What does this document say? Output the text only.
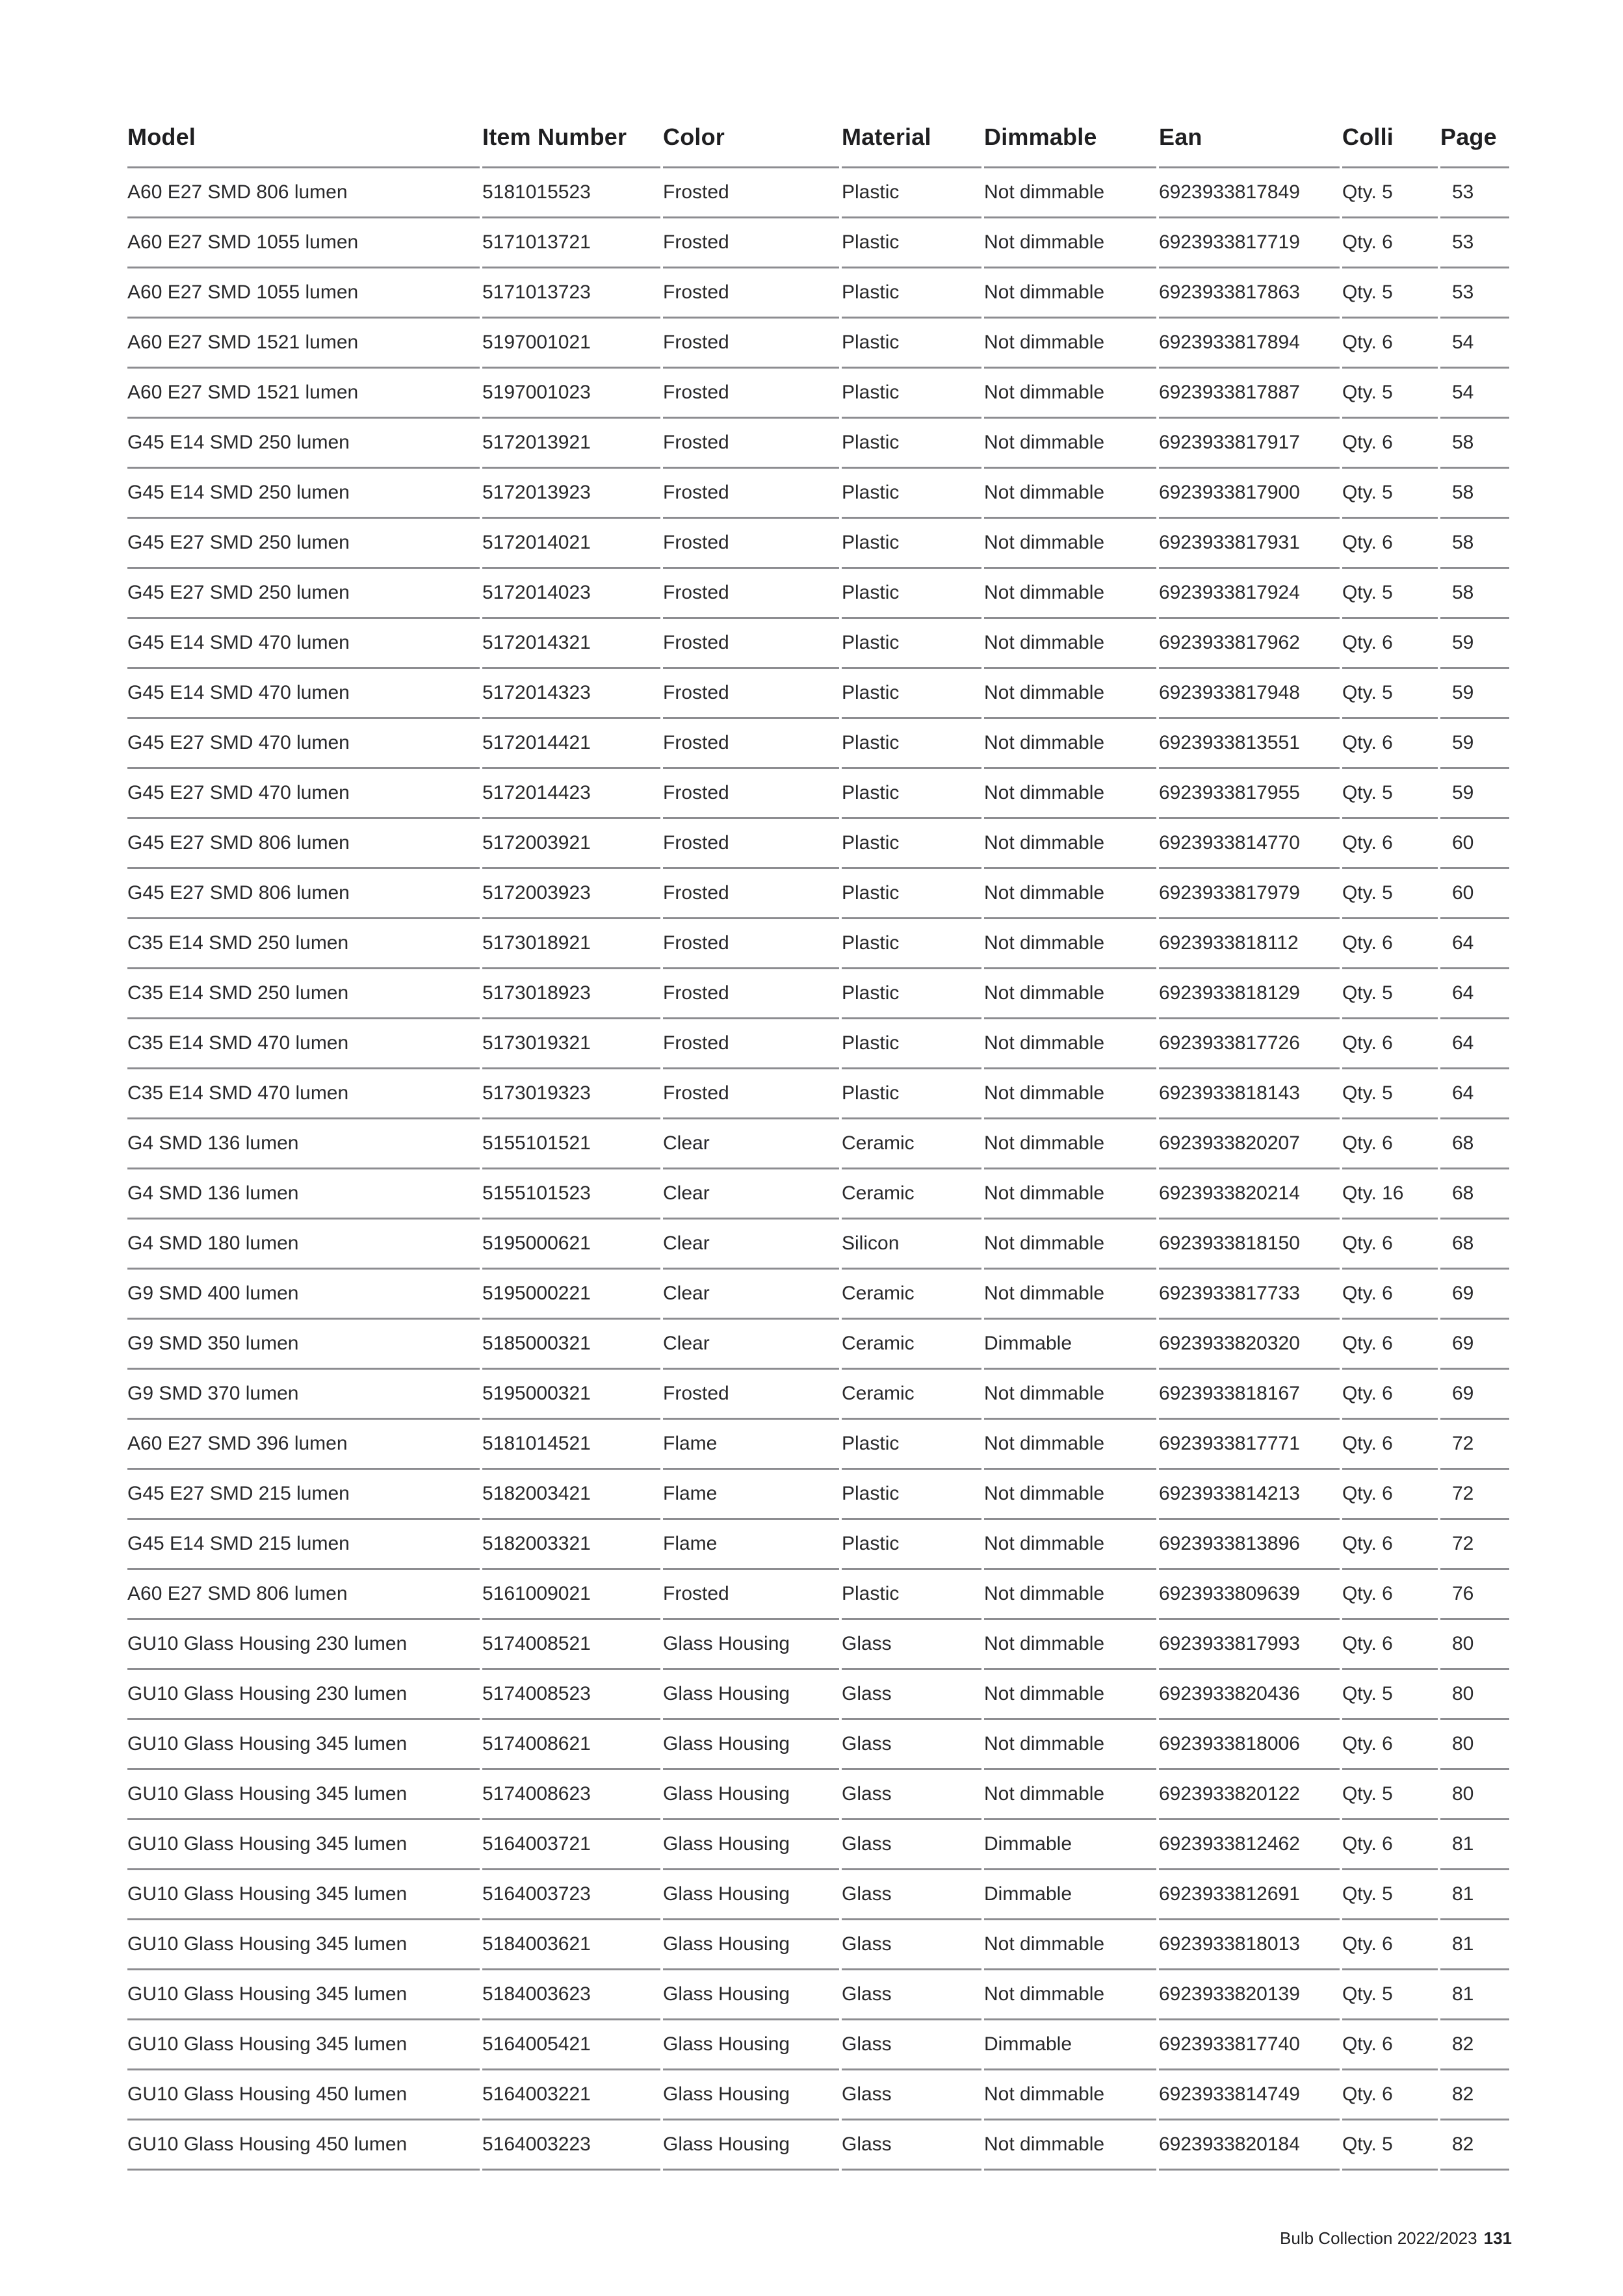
Model	Item Number	Color	Material	Dimmable	Ean	Colli	Page
A60 E27 SMD 806 lumen	5181015523	Frosted	Plastic	Not dimmable	6923933817849	Qty. 5	53
A60 E27 SMD 1055 lumen	5171013721	Frosted	Plastic	Not dimmable	6923933817719	Qty. 6	53
A60 E27 SMD 1055 lumen	5171013723	Frosted	Plastic	Not dimmable	6923933817863	Qty. 5	53
A60 E27 SMD 1521 lumen	5197001021	Frosted	Plastic	Not dimmable	6923933817894	Qty. 6	54
A60 E27 SMD 1521 lumen	5197001023	Frosted	Plastic	Not dimmable	6923933817887	Qty. 5	54
G45 E14 SMD 250 lumen	5172013921	Frosted	Plastic	Not dimmable	6923933817917	Qty. 6	58
G45 E14 SMD 250 lumen	5172013923	Frosted	Plastic	Not dimmable	6923933817900	Qty. 5	58
G45 E27 SMD 250 lumen	5172014021	Frosted	Plastic	Not dimmable	6923933817931	Qty. 6	58
G45 E27 SMD 250 lumen	5172014023	Frosted	Plastic	Not dimmable	6923933817924	Qty. 5	58
G45 E14 SMD 470 lumen	5172014321	Frosted	Plastic	Not dimmable	6923933817962	Qty. 6	59
G45 E14 SMD 470 lumen	5172014323	Frosted	Plastic	Not dimmable	6923933817948	Qty. 5	59
G45 E27 SMD 470 lumen	5172014421	Frosted	Plastic	Not dimmable	6923933813551	Qty. 6	59
G45 E27 SMD 470 lumen	5172014423	Frosted	Plastic	Not dimmable	6923933817955	Qty. 5	59
G45 E27 SMD 806 lumen	5172003921	Frosted	Plastic	Not dimmable	6923933814770	Qty. 6	60
G45 E27 SMD 806 lumen	5172003923	Frosted	Plastic	Not dimmable	6923933817979	Qty. 5	60
C35 E14 SMD 250 lumen	5173018921	Frosted	Plastic	Not dimmable	6923933818112	Qty. 6	64
C35 E14 SMD 250 lumen	5173018923	Frosted	Plastic	Not dimmable	6923933818129	Qty. 5	64
C35 E14 SMD 470 lumen	5173019321	Frosted	Plastic	Not dimmable	6923933817726	Qty. 6	64
C35 E14 SMD 470 lumen	5173019323	Frosted	Plastic	Not dimmable	6923933818143	Qty. 5	64
G4 SMD 136 lumen	5155101521	Clear	Ceramic	Not dimmable	6923933820207	Qty. 6	68
G4 SMD 136 lumen	5155101523	Clear	Ceramic	Not dimmable	6923933820214	Qty. 16	68
G4 SMD 180 lumen	5195000621	Clear	Silicon	Not dimmable	6923933818150	Qty. 6	68
G9 SMD 400 lumen	5195000221	Clear	Ceramic	Not dimmable	6923933817733	Qty. 6	69
G9 SMD 350 lumen	5185000321	Clear	Ceramic	Dimmable	6923933820320	Qty. 6	69
G9 SMD 370 lumen	5195000321	Frosted	Ceramic	Not dimmable	6923933818167	Qty. 6	69
A60 E27 SMD 396 lumen	5181014521	Flame	Plastic	Not dimmable	6923933817771	Qty. 6	72
G45 E27 SMD 215 lumen	5182003421	Flame	Plastic	Not dimmable	6923933814213	Qty. 6	72
G45 E14 SMD 215 lumen	5182003321	Flame	Plastic	Not dimmable	6923933813896	Qty. 6	72
A60 E27 SMD 806 lumen	5161009021	Frosted	Plastic	Not dimmable	6923933809639	Qty. 6	76
GU10 Glass Housing 230 lumen	5174008521	Glass Housing	Glass	Not dimmable	6923933817993	Qty. 6	80
GU10 Glass Housing 230 lumen	5174008523	Glass Housing	Glass	Not dimmable	6923933820436	Qty. 5	80
GU10 Glass Housing 345 lumen	5174008621	Glass Housing	Glass	Not dimmable	6923933818006	Qty. 6	80
GU10 Glass Housing 345 lumen	5174008623	Glass Housing	Glass	Not dimmable	6923933820122	Qty. 5	80
GU10 Glass Housing 345 lumen	5164003721	Glass Housing	Glass	Dimmable	6923933812462	Qty. 6	81
GU10 Glass Housing 345 lumen	5164003723	Glass Housing	Glass	Dimmable	6923933812691	Qty. 5	81
GU10 Glass Housing 345 lumen	5184003621	Glass Housing	Glass	Not dimmable	6923933818013	Qty. 6	81
GU10 Glass Housing 345 lumen	5184003623	Glass Housing	Glass	Not dimmable	6923933820139	Qty. 5	81
GU10 Glass Housing 345 lumen	5164005421	Glass Housing	Glass	Dimmable	6923933817740	Qty. 6	82
GU10 Glass Housing 450 lumen	5164003221	Glass Housing	Glass	Not dimmable	6923933814749	Qty. 6	82
GU10 Glass Housing 450 lumen	5164003223	Glass Housing	Glass	Not dimmable	6923933820184	Qty. 5	82
Bulb Collection 2022/2023 131
